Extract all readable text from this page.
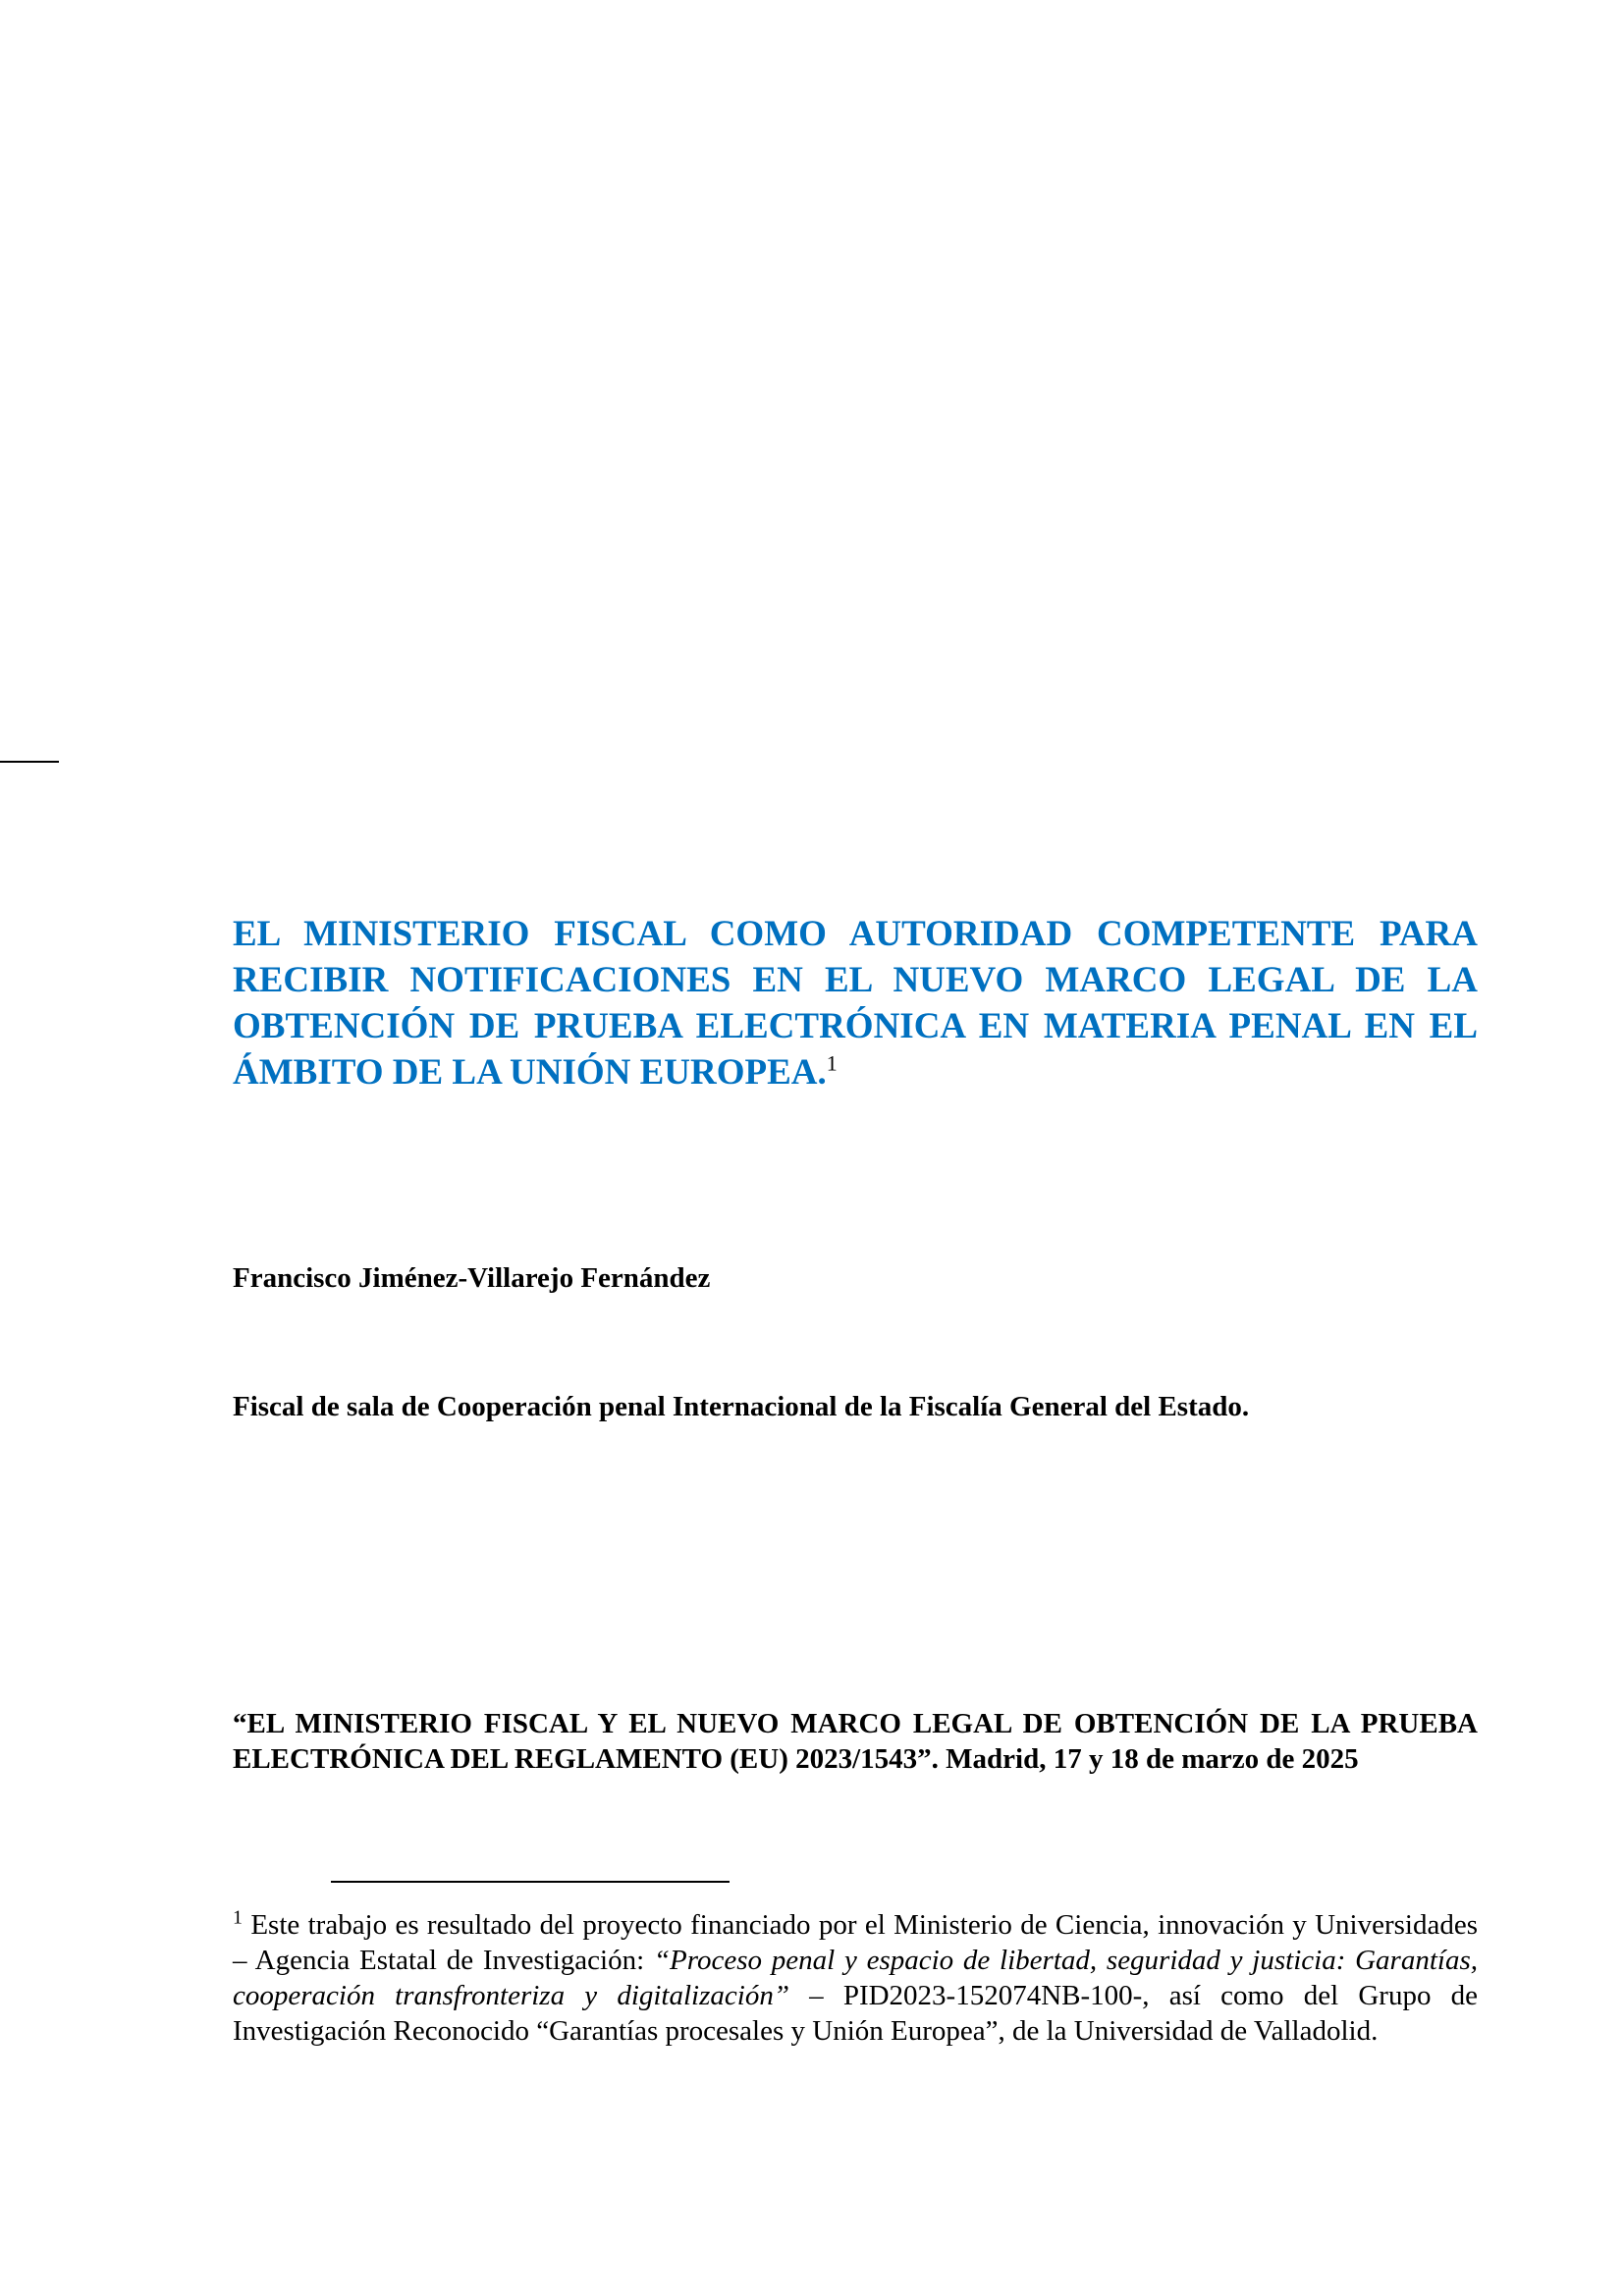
EL MINISTERIO FISCAL COMO AUTORIDAD COMPETENTE PARA RECIBIR NOTIFICACIONES EN EL NUEVO MARCO LEGAL DE LA OBTENCIÓN DE PRUEBA ELECTRÓNICA EN MATERIA PENAL EN EL ÁMBITO DE LA UNIÓN EUROPEA.$^1$

Francisco Jiménez-Villarejo Fernández

Fiscal de sala de Cooperación penal Internacional de la Fiscalía General del Estado.

“EL MINISTERIO FISCAL Y EL NUEVO MARCO LEGAL DE OBTENCIÓN DE LA PRUEBA ELECTRÓNICA DEL REGLAMENTO (EU) 2023/1543”. Madrid, 17 y 18 de marzo de 2025

$^1$ Este trabajo es resultado del proyecto financiado por el Ministerio de Ciencia, innovación y Universidades – Agencia Estatal de Investigación: “Proceso penal y espacio de libertad, seguridad y justicia: Garantías, cooperación transfronteriza y digitalización” – PID2023-152074NB-100-, así como del Grupo de Investigación Reconocido “Garantías procesales y Unión Europea”, de la Universidad de Valladolid.
